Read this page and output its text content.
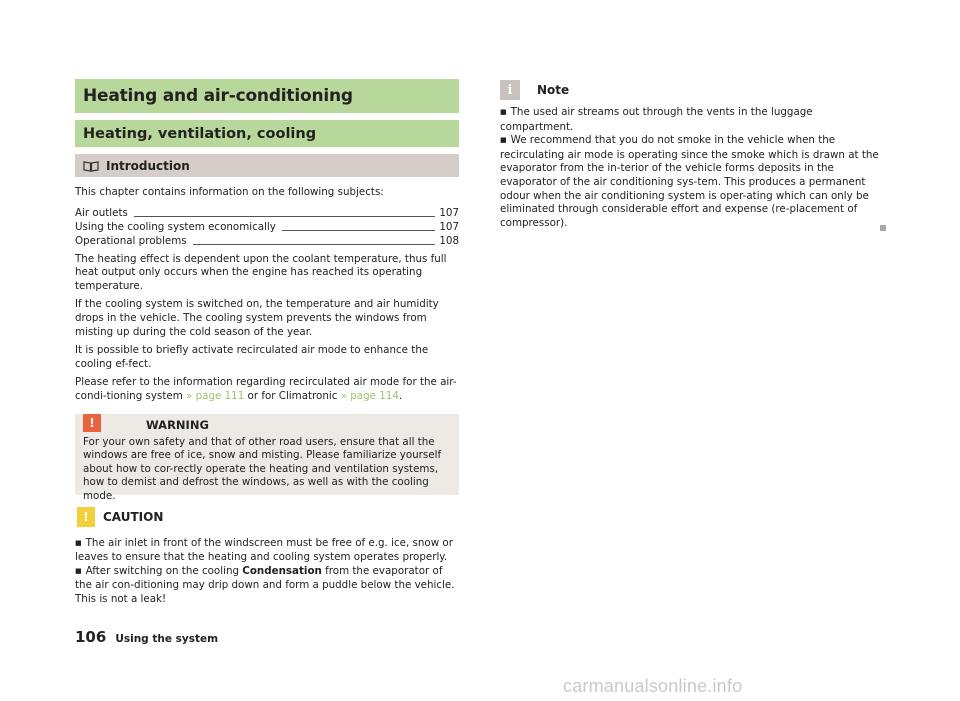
Heating and air-conditioning
Heating, ventilation, cooling
Introduction

This chapter contains information on the following subjects:

Air outlets	107
Using the cooling system economically	107
Operational problems	108

The heating effect is dependent upon the coolant temperature, thus full heat output only occurs when the engine has reached its operating temperature.

If the cooling system is switched on, the temperature and air humidity drops in the vehicle. The cooling system prevents the windows from misting up during the cold season of the year.

It is possible to briefly activate recirculated air mode to enhance the cooling ef-fect.

Please refer to the information regarding recirculated air mode for the air-condi-tioning system » page 111 or for Climatronic » page 114.

!	WARNING

For your own safety and that of other road users, ensure that all the windows are free of ice, snow and misting. Please familiarize yourself about how to cor-rectly operate the heating and ventilation systems, how to demist and defrost the windows, as well as with the cooling mode.

!	CAUTION

■ The air inlet in front of the windscreen must be free of e.g. ice, snow or leaves to ensure that the heating and cooling system operates properly.

■ After switching on the cooling Condensation from the evaporator of the air con-ditioning may drip down and form a puddle below the vehicle. This is not a leak!

i	Note

■ The used air streams out through the vents in the luggage compartment.

■ We recommend that you do not smoke in the vehicle when the recirculating air mode is operating since the smoke which is drawn at the evaporator from the in-terior of the vehicle forms deposits in the evaporator of the air conditioning sys-tem. This produces a permanent odour when the air conditioning system is oper-ating which can only be eliminated through considerable effort and expense (re-placement of compressor).

106 Using the system
carmanualsonline.info
